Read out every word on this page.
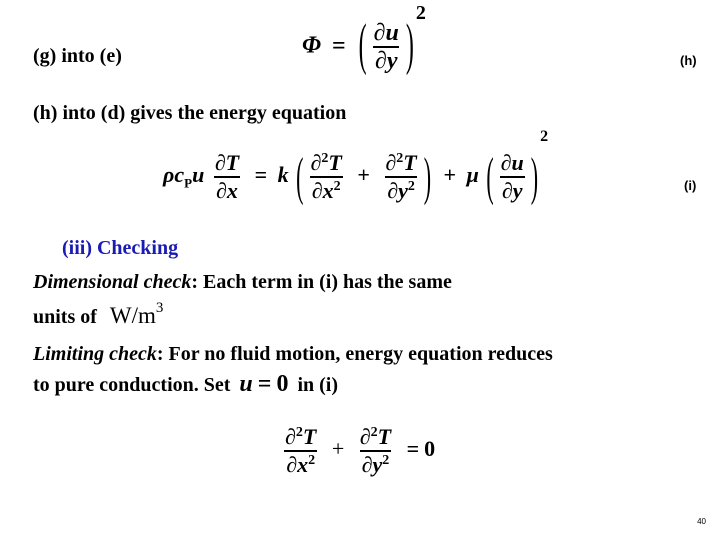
(g) into (e)	Φ = ( $\frac{\partial u}{\partial y} )^2$
(h)
(h) into (d) gives the energy equation
$\rho c_Pu \frac{\partial T}{\partial x} = k$ ( $\frac{\partial^2T}{\partial x^2} + \frac{\partial^2T}{\partial y^2}$ ) + μ ( $\frac{\partial u}{\partial y} )^2$
(i)
(iii) Checking
Dimensional check: Each term in (i) has the same
units of $W/m^3$
Limiting check: For no fluid motion, energy equation reduces
to pure conduction. Set u = 0 in (i)
$\frac{\partial^2T}{\partial x^2} + \frac{\partial^2T}{\partial y^2} = 0$
40
